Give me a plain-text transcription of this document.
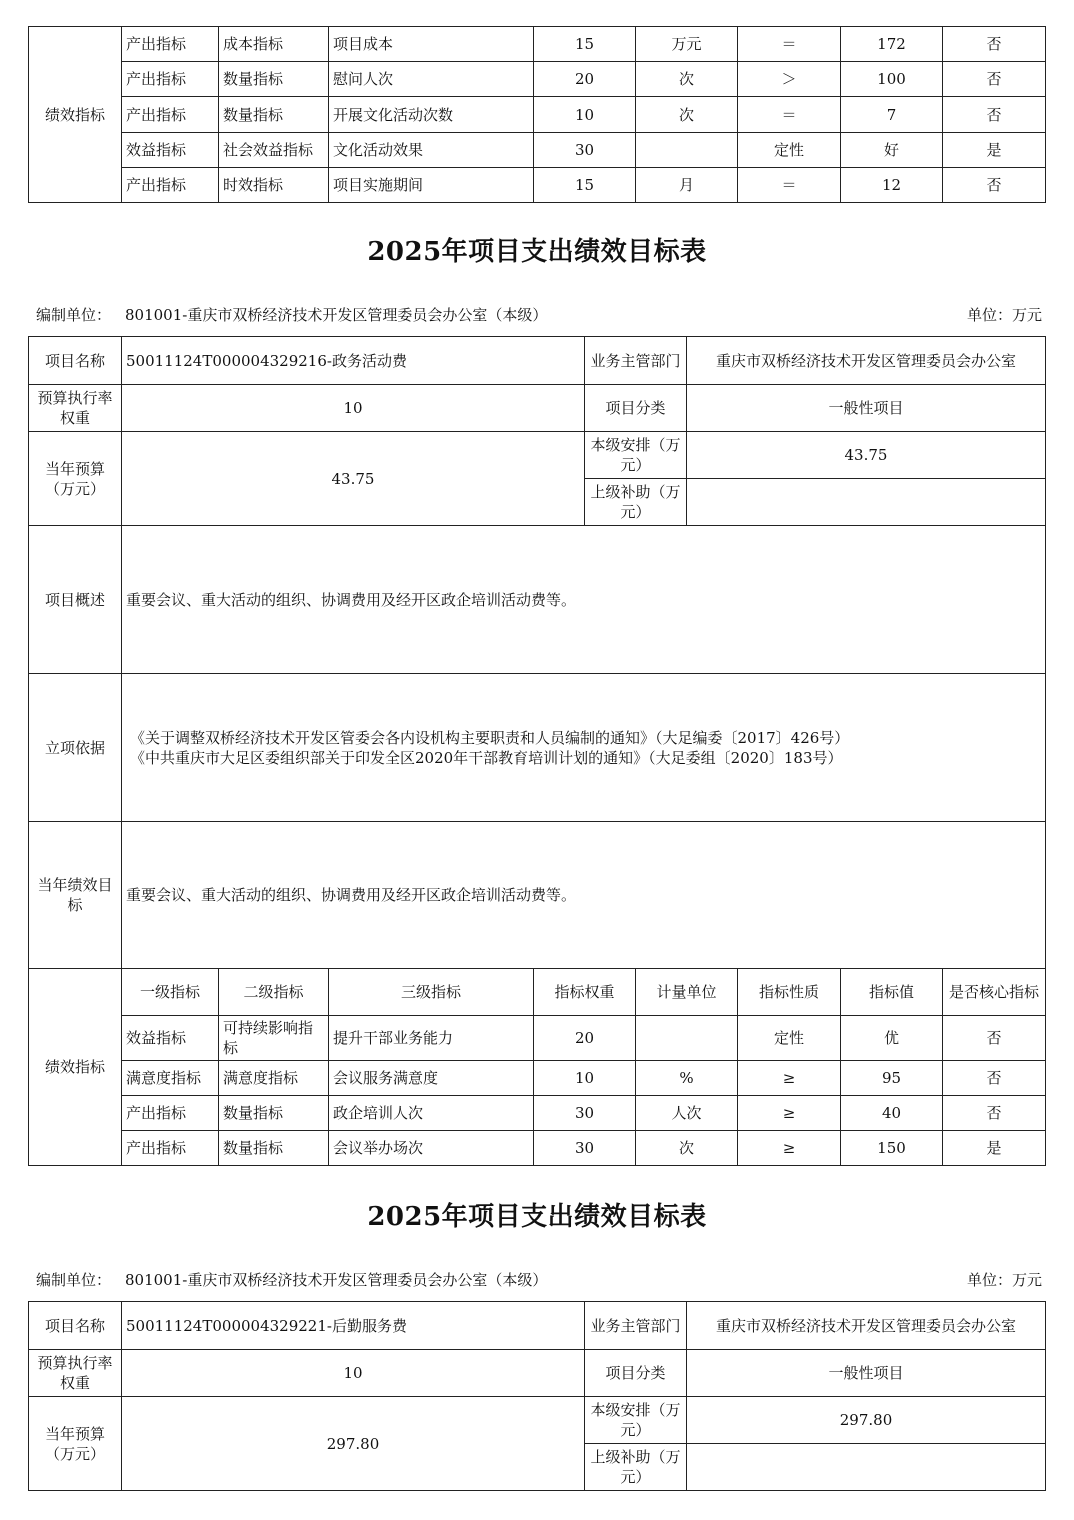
绩效指标	产出指标	成本指标	项目成本	15	万元	＝	172	否
	产出指标	数量指标	慰问人次	20	次	＞	100	否
	产出指标	数量指标	开展文化活动次数	10	次	＝	7	否
	效益指标	社会效益指标	文化活动效果	30		定性	好	是
	产出指标	时效指标	项目实施期间	15	月	＝	12	否
2025年项目支出绩效目标表
编制单位： 801001-重庆市双桥经济技术开发区管理委员会办公室（本级）	单位：万元
项目名称	50011124T000004329216-政务活动费	业务主管部门	重庆市双桥经济技术开发区管理委员会办公室
预算执行率权重	10	项目分类	一般性项目
当年预算（万元）	43.75	本级安排（万元）	43.75
		上级补助（万元）	
项目概述	重要会议、重大活动的组织、协调费用及经开区政企培训活动费等。		
立项依据	《关于调整双桥经济技术开发区管委会各内设机构主要职责和人员编制的通知》（大足编委〔2017〕426号）
《中共重庆市大足区委组织部关于印发全区2020年干部教育培训计划的通知》（大足委组〔2020〕183号）		

当年绩效目标	重要会议、重大活动的组织、协调费用及经开区政企培训活动费等。		
绩效指标	一级指标	二级指标	三级指标	指标权重	计量单位	指标性质	指标值	是否核心指标
	效益指标	可持续影响指标	提升干部业务能力	20		定性	优	否
	满意度指标	满意度指标	会议服务满意度	10	%	≥	95	否
	产出指标	数量指标	政企培训人次	30	人次	≥	40	否
	产出指标	数量指标	会议举办场次	30	次	≥	150	是
2025年项目支出绩效目标表
编制单位： 801001-重庆市双桥经济技术开发区管理委员会办公室（本级）	单位：万元
项目名称	50011124T000004329221-后勤服务费	业务主管部门	重庆市双桥经济技术开发区管理委员会办公室
预算执行率权重	10	项目分类	一般性项目
当年预算（万元）	297.80	本级安排（万元）	297.80
		上级补助（万元）	
